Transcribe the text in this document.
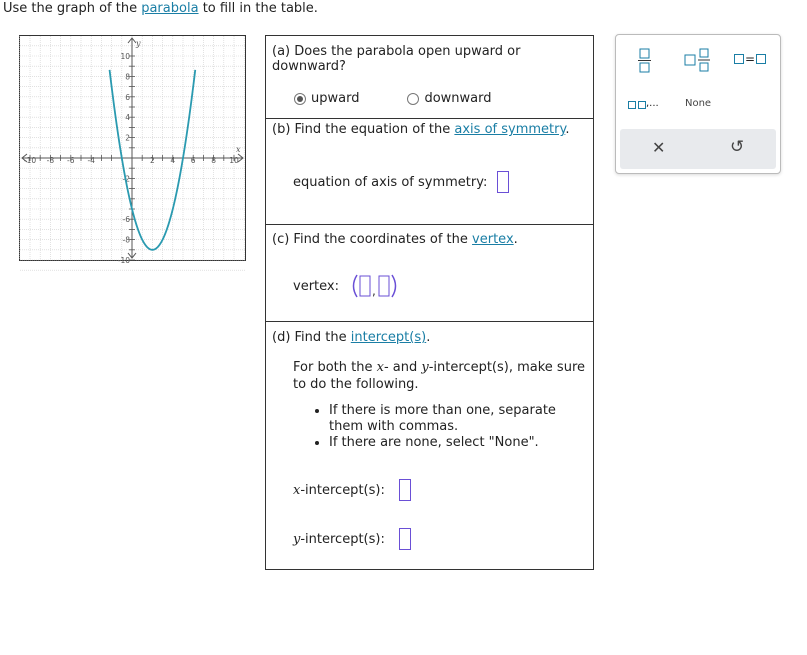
Use the graph of the parabola to fill in the table.
-10 -8 -6 -4	2 4 6 8 10
10
8
6
4
2
-2
-6
-8
-10
x
y
(a) Does the parabola open upward or downward?
upward	downward
(b) Find the equation of the axis of symmetry.
equation of axis of symmetry:
(c) Find the coordinates of the vertex.
vertex:	,
(d) Find the intercept(s).
For both the x- and y-intercept(s), make sure
to do the following.
• If there is more than one, separate them with commas.
• If there are none, select "None".
x -intercept(s):
y -intercept(s):
=
,...	None
✕	↺
